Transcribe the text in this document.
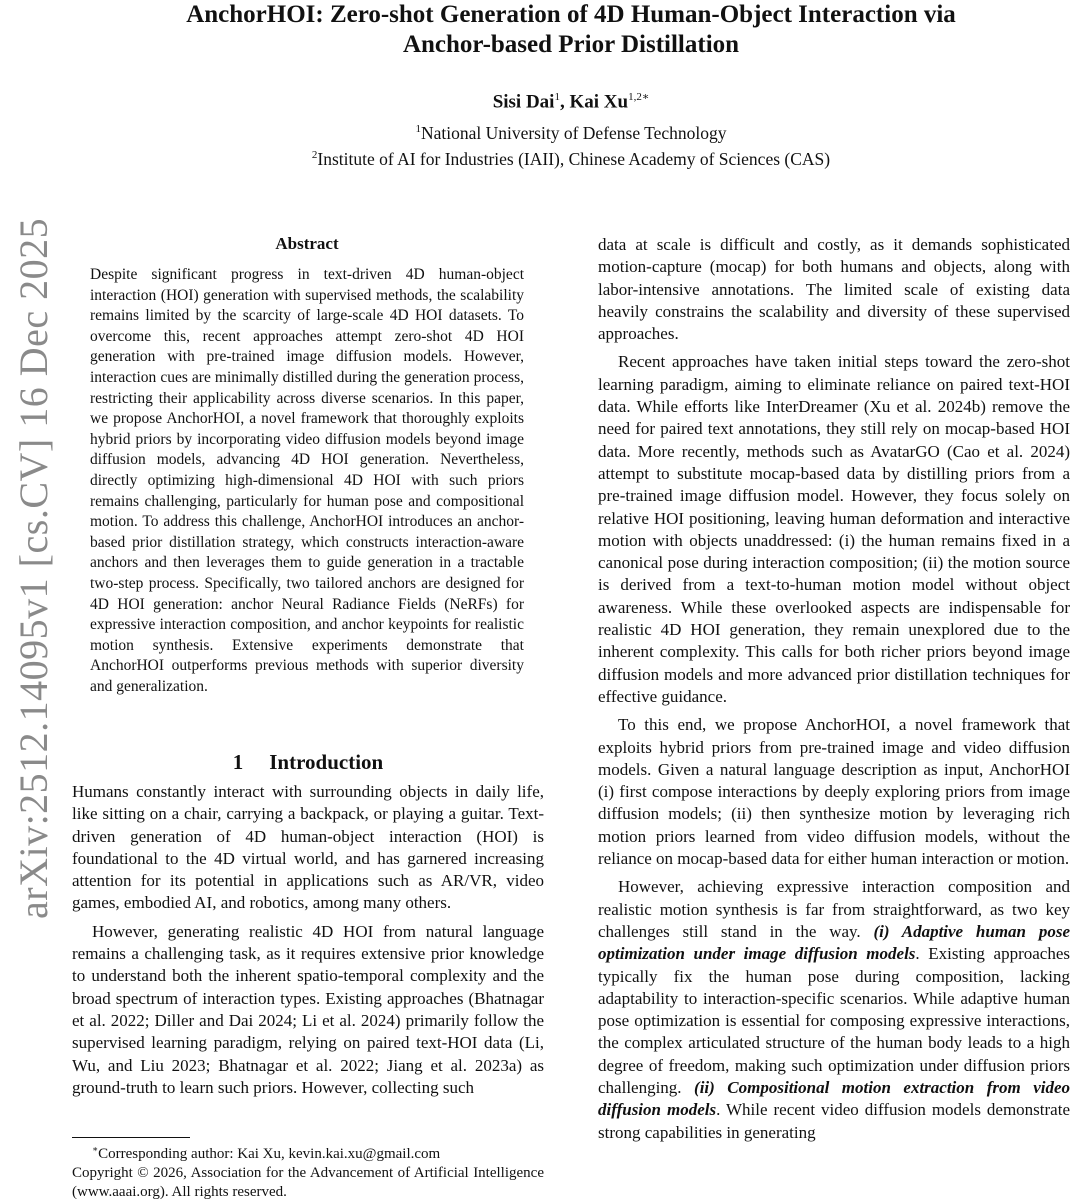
arXiv:2512.14095v1 [cs.CV] 16 Dec 2025
AnchorHOI: Zero-shot Generation of 4D Human-Object Interaction via
Anchor-based Prior Distillation
Sisi Dai$^1$, Kai $Xu^{1,2∗}$
$^1$National University of Defense Technology
$^2$Institute of AI for Industries (IAII), Chinese Academy of Sciences (CAS)
Abstract

Despite significant progress in text-driven 4D human-object interaction (HOI) generation with supervised methods, the scalability remains limited by the scarcity of large-scale 4D HOI datasets. To overcome this, recent approaches attempt zero-shot 4D HOI generation with pre-trained image diffusion models. However, interaction cues are minimally distilled during the generation process, restricting their applicability across diverse scenarios. In this paper, we propose AnchorHOI, a novel framework that thoroughly exploits hybrid priors by incorporating video diffusion models beyond image diffusion models, advancing 4D HOI generation. Nevertheless, directly optimizing high-dimensional 4D HOI with such priors remains challenging, particularly for human pose and compositional motion. To address this challenge, AnchorHOI introduces an anchor-based prior distillation strategy, which constructs interaction-aware anchors and then leverages them to guide generation in a tractable two-step process. Specifically, two tailored anchors are designed for 4D HOI generation: anchor Neural Radiance Fields (NeRFs) for expressive interaction composition, and anchor keypoints for realistic motion synthesis. Extensive experiments demonstrate that AnchorHOI outperforms previous methods with superior diversity and generalization.

1 Introduction

Humans constantly interact with surrounding objects in daily life, like sitting on a chair, carrying a backpack, or playing a guitar. Text-driven generation of 4D human-object interaction (HOI) is foundational to the 4D virtual world, and has garnered increasing attention for its potential in applications such as AR/VR, video games, embodied AI, and robotics, among many others.

However, generating realistic 4D HOI from natural language remains a challenging task, as it requires extensive prior knowledge to understand both the inherent spatio-temporal complexity and the broad spectrum of interaction types. Existing approaches (Bhatnagar et al. 2022; Diller and Dai 2024; Li et al. 2024) primarily follow the supervised learning paradigm, relying on paired text-HOI data (Li, Wu, and Liu 2023; Bhatnagar et al. 2022; Jiang et al. 2023a) as ground-truth to learn such priors. However, collecting such

data at scale is difficult and costly, as it demands sophisticated motion-capture (mocap) for both humans and objects, along with labor-intensive annotations. The limited scale of existing data heavily constrains the scalability and diversity of these supervised approaches.

Recent approaches have taken initial steps toward the zero-shot learning paradigm, aiming to eliminate reliance on paired text-HOI data. While efforts like InterDreamer (Xu et al. 2024b) remove the need for paired text annotations, they still rely on mocap-based HOI data. More recently, methods such as AvatarGO (Cao et al. 2024) attempt to substitute mocap-based data by distilling priors from a pre-trained image diffusion model. However, they focus solely on relative HOI positioning, leaving human deformation and interactive motion with objects unaddressed: (i) the human remains fixed in a canonical pose during interaction composition; (ii) the motion source is derived from a text-to-human motion model without object awareness. While these overlooked aspects are indispensable for realistic 4D HOI generation, they remain unexplored due to the inherent complexity. This calls for both richer priors beyond image diffusion models and more advanced prior distillation techniques for effective guidance.

To this end, we propose AnchorHOI, a novel framework that exploits hybrid priors from pre-trained image and video diffusion models. Given a natural language description as input, AnchorHOI (i) first compose interactions by deeply exploring priors from image diffusion models; (ii) then synthesize motion by leveraging rich motion priors learned from video diffusion models, without the reliance on mocap-based data for either human interaction or motion.

However, achieving expressive interaction composition and realistic motion synthesis is far from straightforward, as two key challenges still stand in the way. (i) Adaptive human pose optimization under image diffusion models. Existing approaches typically fix the human pose during composition, lacking adaptability to interaction-specific scenarios. While adaptive human pose optimization is essential for composing expressive interactions, the complex articulated structure of the human body leads to a high degree of freedom, making such optimization under diffusion priors challenging. (ii) Compositional motion extraction from video diffusion models. While recent video diffusion models demonstrate strong capabilities in generating

∗Corresponding author: Kai Xu, kevin.kai.xu@gmail.com
Copyright © 2026, Association for the Advancement of Artificial Intelligence (www.aaai.org). All rights reserved.
